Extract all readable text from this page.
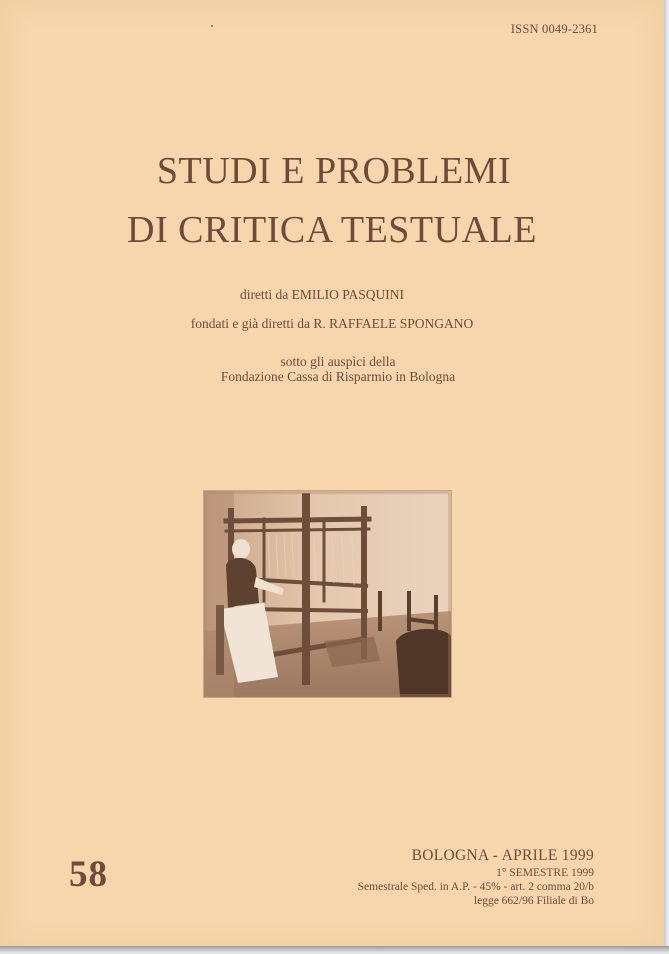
ISSN 0049-2361
STUDI E PROBLEMI
DI CRITICA TESTUALE
diretti da EMILIO PASQUINI
fondati e già diretti da R. RAFFAELE SPONGANO
sotto gli auspìci della
Fondazione Cassa di Risparmio in Bologna
58	BOLOGNA - APRILE 1999
1° SEMESTRE 1999
Semestrale Sped. in A.P. - 45% - art. 2 comma 20/b
legge 662/96 Filiale di Bo
